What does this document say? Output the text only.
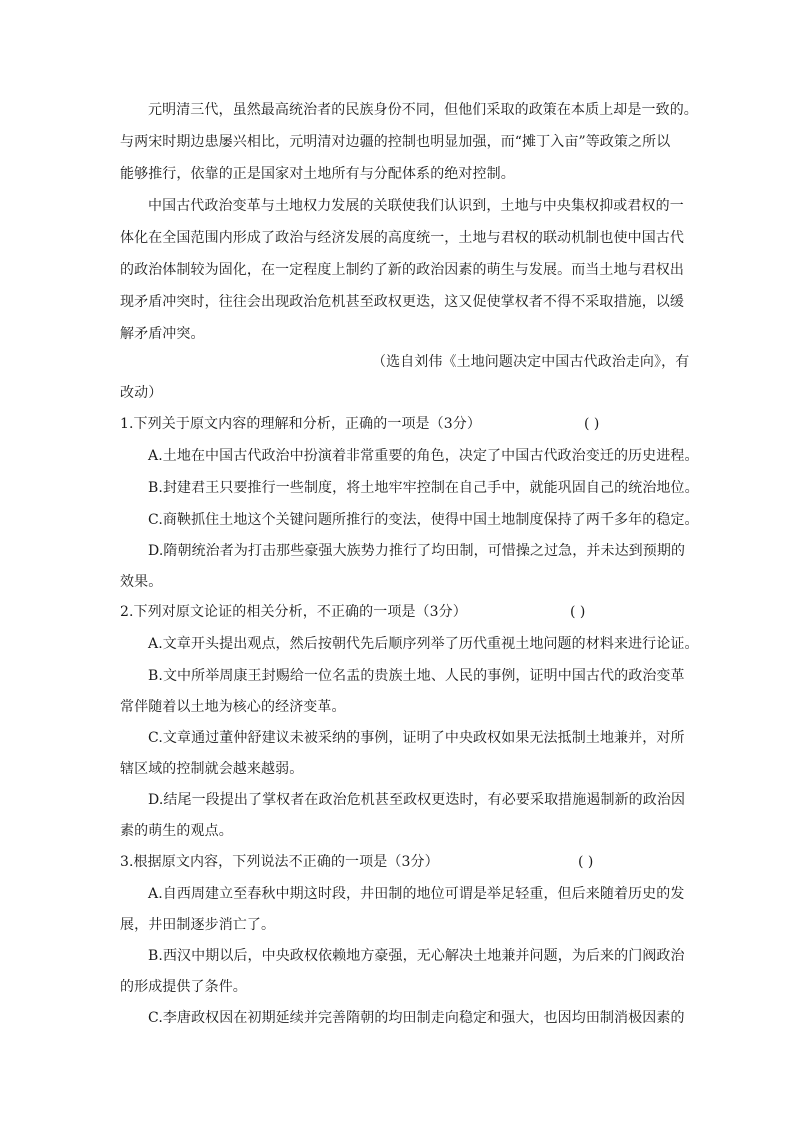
元明清三代，虽然最高统治者的民族身份不同，但他们采取的政策在本质上却是一致的。
与两宋时期边患屡兴相比，元明清对边疆的控制也明显加强，而“摊丁入亩”等政策之所以
能够推行，依靠的正是国家对土地所有与分配体系的绝对控制。
中国古代政治变革与土地权力发展的关联使我们认识到，土地与中央集权抑或君权的一
体化在全国范围内形成了政治与经济发展的高度统一，土地与君权的联动机制也使中国古代
的政治体制较为固化，在一定程度上制约了新的政治因素的萌生与发展。而当土地与君权出
现矛盾冲突时，往往会出现政治危机甚至政权更迭，这又促使掌权者不得不采取措施，以缓
解矛盾冲突。
（选自刘伟《土地问题决定中国古代政治走向》，有
改动）
1.下列关于原文内容的理解和分析，正确的一项是（3分）	( )
A.土地在中国古代政治中扮演着非常重要的角色，决定了中国古代政治变迁的历史进程。
B.封建君王只要推行一些制度，将土地牢牢控制在自己手中，就能巩固自己的统治地位。
C.商鞅抓住土地这个关键问题所推行的变法，使得中国土地制度保持了两千多年的稳定。
D.隋朝统治者为打击那些豪强大族势力推行了均田制，可惜操之过急，并未达到预期的
效果。
2.下列对原文论证的相关分析，不正确的一项是（3分）	( )
A.文章开头提出观点，然后按朝代先后顺序列举了历代重视土地问题的材料来进行论证。
B.文中所举周康王封赐给一位名盂的贵族土地、人民的事例，证明中国古代的政治变革
常伴随着以土地为核心的经济变革。
C.文章通过董仲舒建议未被采纳的事例，证明了中央政权如果无法抵制土地兼并，对所
辖区域的控制就会越来越弱。
D.结尾一段提出了掌权者在政治危机甚至政权更迭时，有必要采取措施遏制新的政治因
素的萌生的观点。
3.根据原文内容，下列说法不正确的一项是（3分）	( )
A.自西周建立至春秋中期这时段，井田制的地位可谓是举足轻重，但后来随着历史的发
展，井田制逐步消亡了。
B.西汉中期以后，中央政权依赖地方豪强，无心解决土地兼并问题，为后来的门阀政治
的形成提供了条件。
C.李唐政权因在初期延续并完善隋朝的均田制走向稳定和强大，也因均田制消极因素的
